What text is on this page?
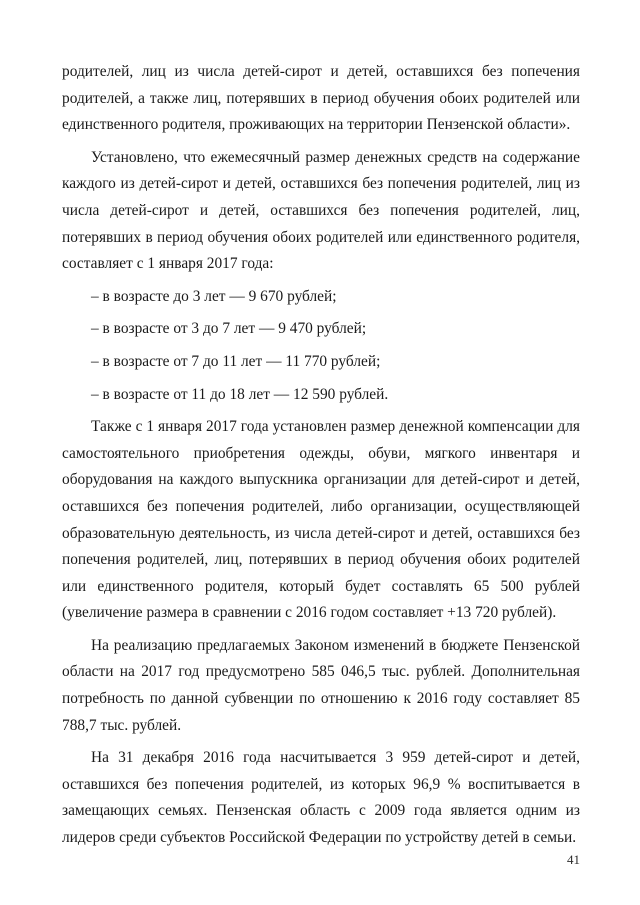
родителей, лиц из числа детей-сирот и детей, оставшихся без попечения родителей, а также лиц, потерявших в период обучения обоих родителей или единственного родителя, проживающих на территории Пензенской области».

Установлено, что ежемесячный размер денежных средств на содержание каждого из детей-сирот и детей, оставшихся без попечения родителей, лиц из числа детей-сирот и детей, оставшихся без попечения родителей, лиц, потерявших в период обучения обоих родителей или единственного родителя, составляет с 1 января 2017 года:

– в возрасте до 3 лет — 9 670 рублей;

– в возрасте от 3 до 7 лет — 9 470 рублей;

– в возрасте от 7 до 11 лет — 11 770 рублей;

– в возрасте от 11 до 18 лет — 12 590 рублей.

Также с 1 января 2017 года установлен размер денежной компенсации для самостоятельного приобретения одежды, обуви, мягкого инвентаря и оборудования на каждого выпускника организации для детей-сирот и детей, оставшихся без попечения родителей, либо организации, осуществляющей образовательную деятельность, из числа детей-сирот и детей, оставшихся без попечения родителей, лиц, потерявших в период обучения обоих родителей или единственного родителя, который будет составлять 65 500 рублей (увеличение размера в сравнении с 2016 годом составляет +13 720 рублей).

На реализацию предлагаемых Законом изменений в бюджете Пензенской области на 2017 год предусмотрено 585 046,5 тыс. рублей. Дополнительная потребность по данной субвенции по отношению к 2016 году составляет 85 788,7 тыс. рублей.

На 31 декабря 2016 года насчитывается 3 959 детей-сирот и детей, оставшихся без попечения родителей, из которых 96,9 % воспитывается в замещающих семьях. Пензенская область с 2009 года является одним из лидеров среди субъектов Российской Федерации по устройству детей в семьи.

41
